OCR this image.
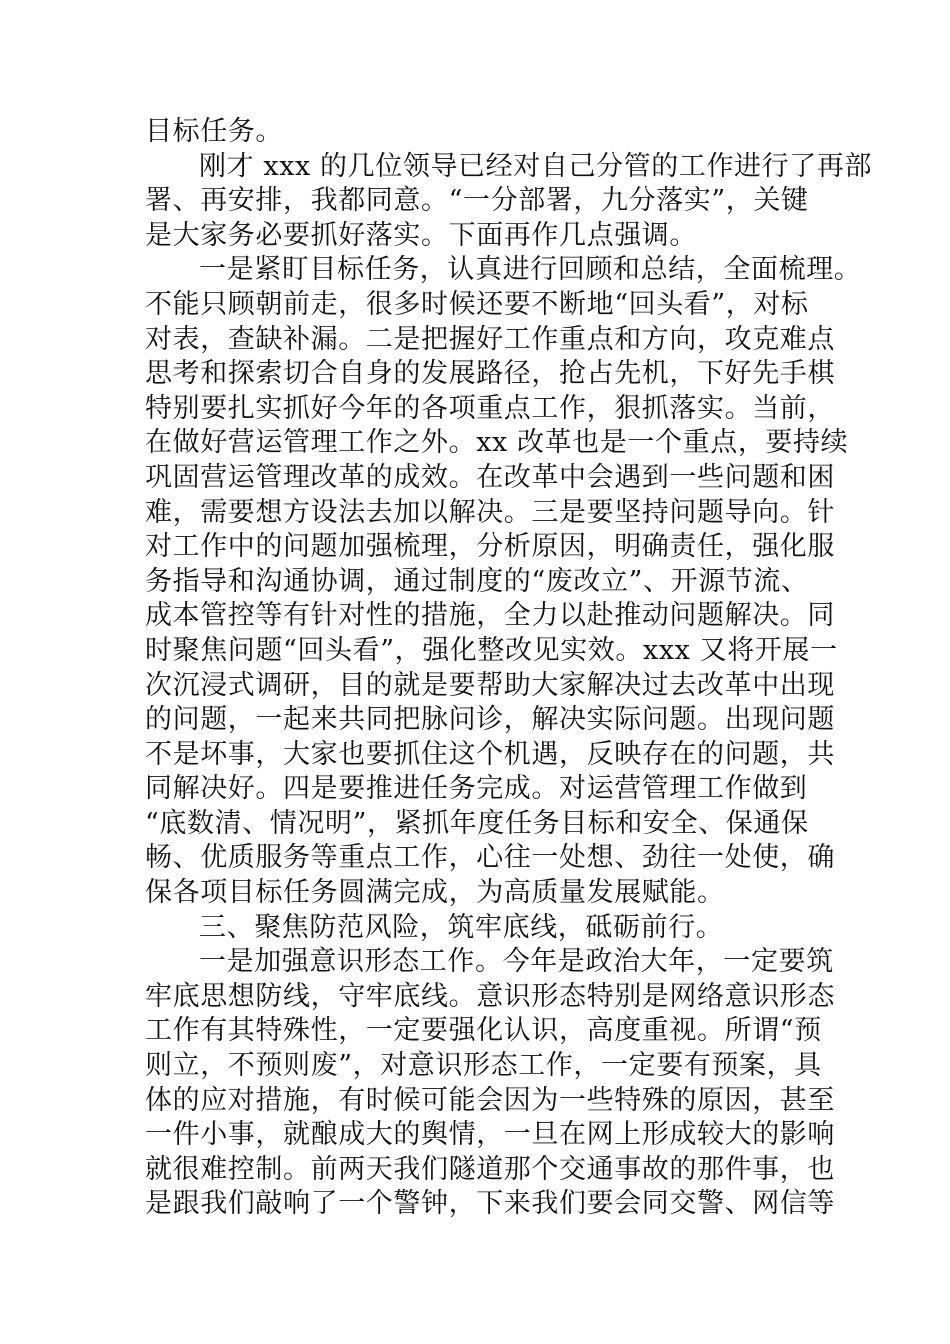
目标任务。
刚才 xxx 的几位领导已经对自己分管的工作进行了再部
署、再安排，我都同意。“一分部署，九分落实”，关键
是大家务必要抓好落实。下面再作几点强调。
一是紧盯目标任务，认真进行回顾和总结，全面梳理。
不能只顾朝前走，很多时候还要不断地“回头看”，对标
对表，查缺补漏。二是把握好工作重点和方向，攻克难点
思考和探索切合自身的发展路径，抢占先机，下好先手棋
特别要扎实抓好今年的各项重点工作，狠抓落实。当前，
在做好营运管理工作之外。xx 改革也是一个重点，要持续
巩固营运管理改革的成效。在改革中会遇到一些问题和困
难，需要想方设法去加以解决。三是要坚持问题导向。针
对工作中的问题加强梳理，分析原因，明确责任，强化服
务指导和沟通协调，通过制度的“废改立”、开源节流、
成本管控等有针对性的措施，全力以赴推动问题解决。同
时聚焦问题“回头看”，强化整改见实效。xxx 又将开展一
次沉浸式调研，目的就是要帮助大家解决过去改革中出现
的问题，一起来共同把脉问诊，解决实际问题。出现问题
不是坏事，大家也要抓住这个机遇，反映存在的问题，共
同解决好。四是要推进任务完成。对运营管理工作做到
“底数清、情况明”，紧抓年度任务目标和安全、保通保
畅、优质服务等重点工作，心往一处想、劲往一处使，确
保各项目标任务圆满完成，为高质量发展赋能。
三、聚焦防范风险，筑牢底线，砥砺前行。
一是加强意识形态工作。今年是政治大年，一定要筑
牢底思想防线，守牢底线。意识形态特别是网络意识形态
工作有其特殊性，一定要强化认识，高度重视。所谓“预
则立，不预则废”，对意识形态工作，一定要有预案，具
体的应对措施，有时候可能会因为一些特殊的原因，甚至
一件小事，就酿成大的舆情，一旦在网上形成较大的影响
就很难控制。前两天我们隧道那个交通事故的那件事，也
是跟我们敲响了一个警钟，下来我们要会同交警、网信等
